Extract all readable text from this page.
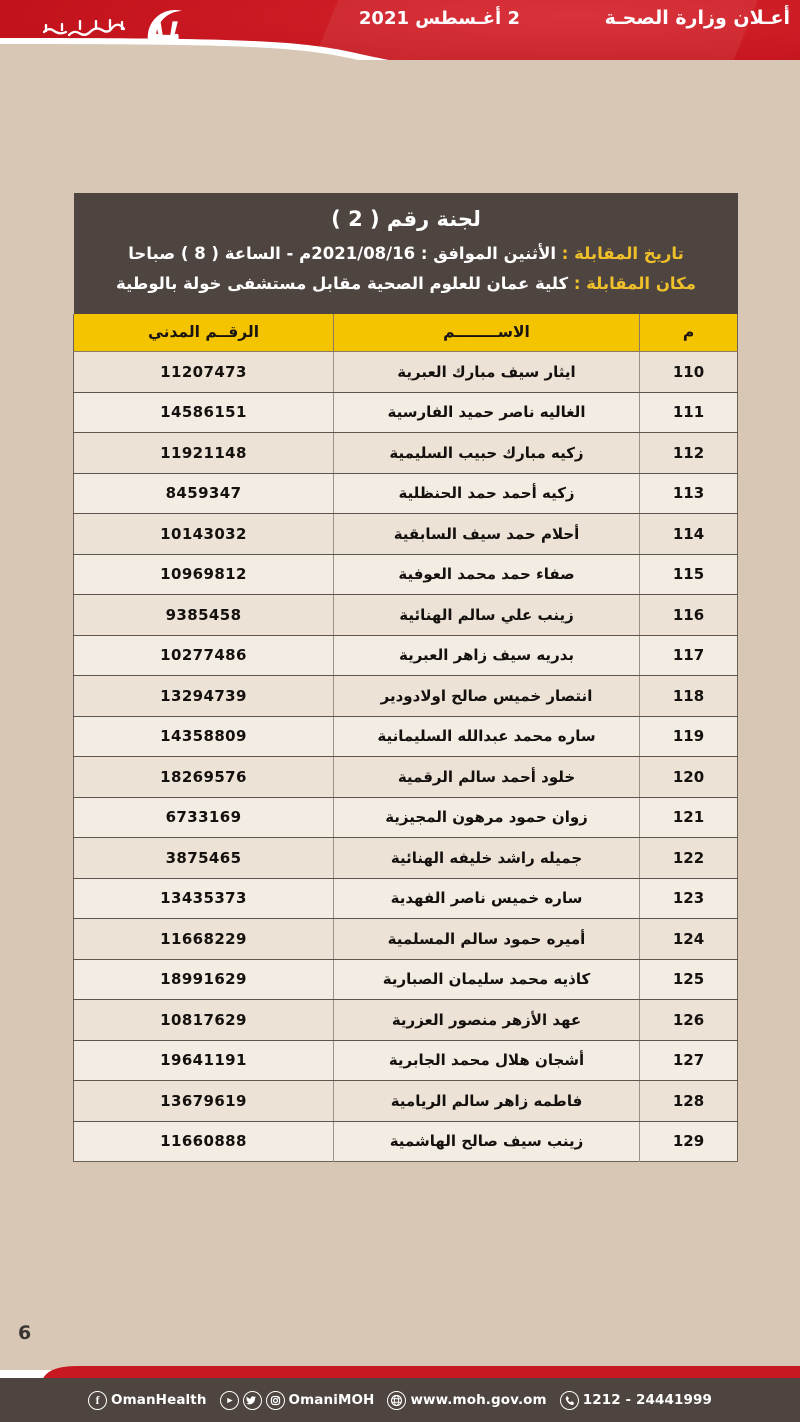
أعـلان وزارة الصحـة
2 أغـسطس 2021
لجنة رقم ( 2 )
تاريخ المقابلة : الأثنين الموافق : 2021/08/16م - الساعة ( 8 ) صباحا
مكان المقابلة : كلية عمان للعلوم الصحية مقابل مستشفى خولة بالوطية
م	الاســــــــم	الرقــم المدني
110	ايثار سيف مبارك العبرية	11207473
111	الغاليه ناصر حميد الفارسية	14586151
112	زكيه مبارك حبيب السليمية	11921148
113	زكيه أحمد حمد الحنظلية	8459347
114	أحلام حمد سيف السابقية	10143032
115	صفاء حمد محمد العوفية	10969812
116	زينب علي سالم الهنائية	9385458
117	بدريه سيف زاهر العبرية	10277486
118	انتصار خميس صالح اولادودير	13294739
119	ساره محمد عبدالله السليمانية	14358809
120	خلود أحمد سالم الرقمية	18269576
121	زوان حمود مرهون المجيزية	6733169
122	جميله راشد خليفه الهنائية	3875465
123	ساره خميس ناصر الفهدية	13435373
124	أميره حمود سالم المسلمية	11668229
125	كاذيه محمد سليمان الصبارية	18991629
126	عهد الأزهر منصور العزرية	10817629
127	أشجان هلال محمد الجابرية	19641191
128	فاطمه زاهر سالم الريامية	13679619
129	زينب سيف صالح الهاشمية	11660888
6
f OmanHealth	OmaniMOH	www.moh.gov.om	1212 - 24441999
